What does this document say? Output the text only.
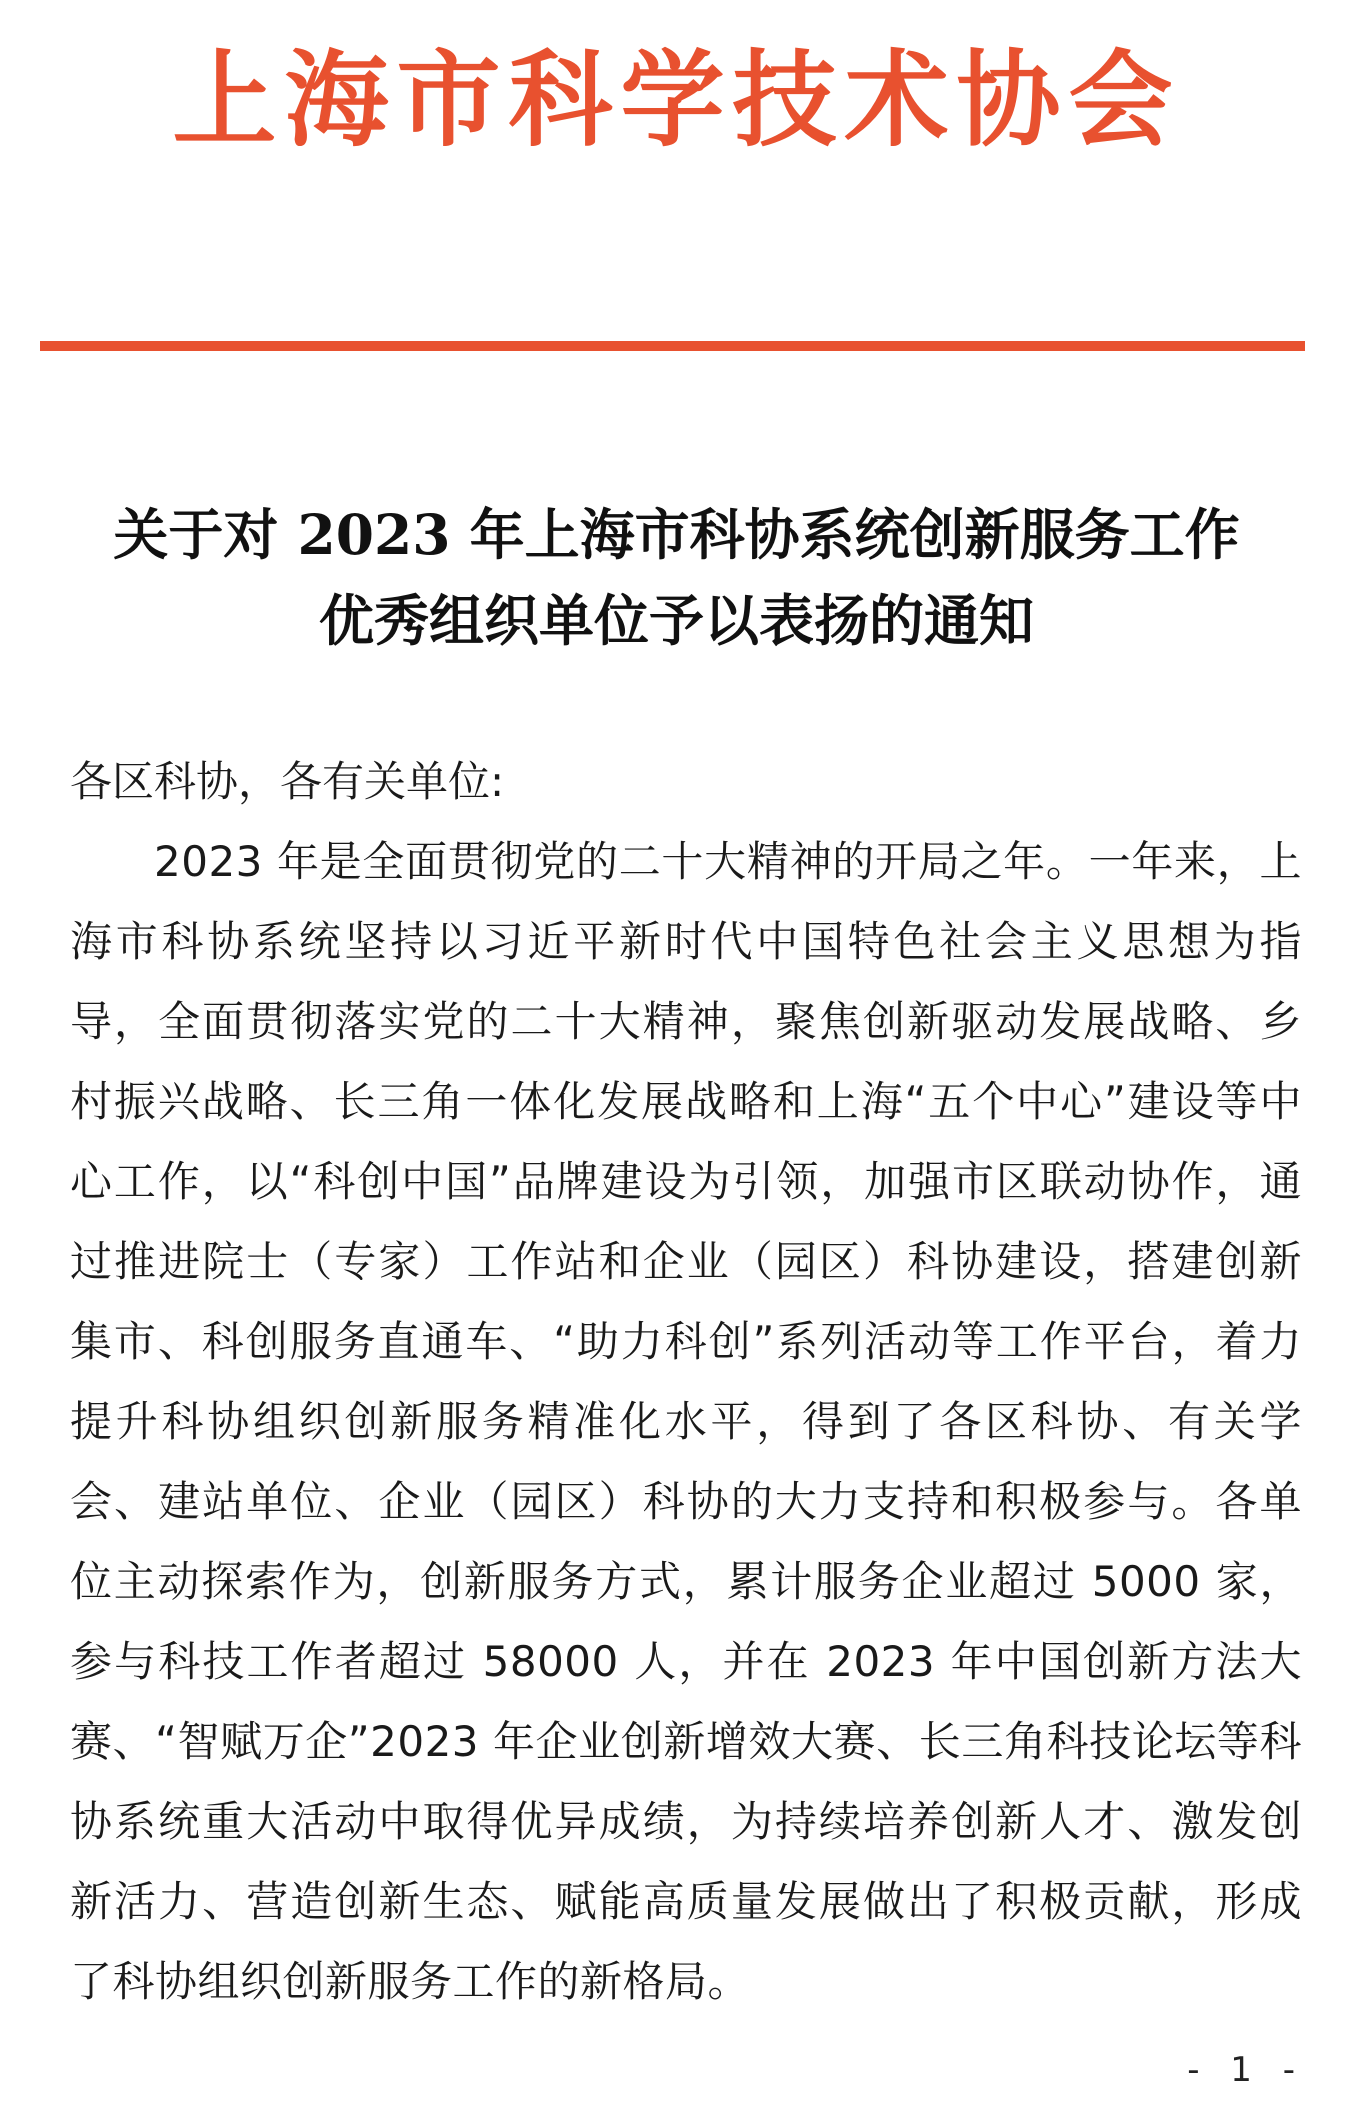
上海市科学技术协会
关于对 2023 年上海市科协系统创新服务工作
优秀组织单位予以表扬的通知

各区科协，各有关单位:

2023 年是全面贯彻党的二十大精神的开局之年。一年来，上海市科协系统坚持以习近平新时代中国特色社会主义思想为指导，全面贯彻落实党的二十大精神，聚焦创新驱动发展战略、乡村振兴战略、长三角一体化发展战略和上海“五个中心”建设等中心工作，以“科创中国”品牌建设为引领，加强市区联动协作，通过推进院士（专家）工作站和企业（园区）科协建设，搭建创新集市、科创服务直通车、“助力科创”系列活动等工作平台，着力提升科协组织创新服务精准化水平，得到了各区科协、有关学会、建站单位、企业（园区）科协的大力支持和积极参与。各单位主动探索作为，创新服务方式，累计服务企业超过 5000 家，参与科技工作者超过 58000 人，并在 2023 年中国创新方法大赛、“智赋万企”2023 年企业创新增效大赛、长三角科技论坛等科协系统重大活动中取得优异成绩，为持续培养创新人才、激发创新活力、营造创新生态、赋能高质量发展做出了积极贡献，形成了科协组织创新服务工作的新格局。

- 1 -
